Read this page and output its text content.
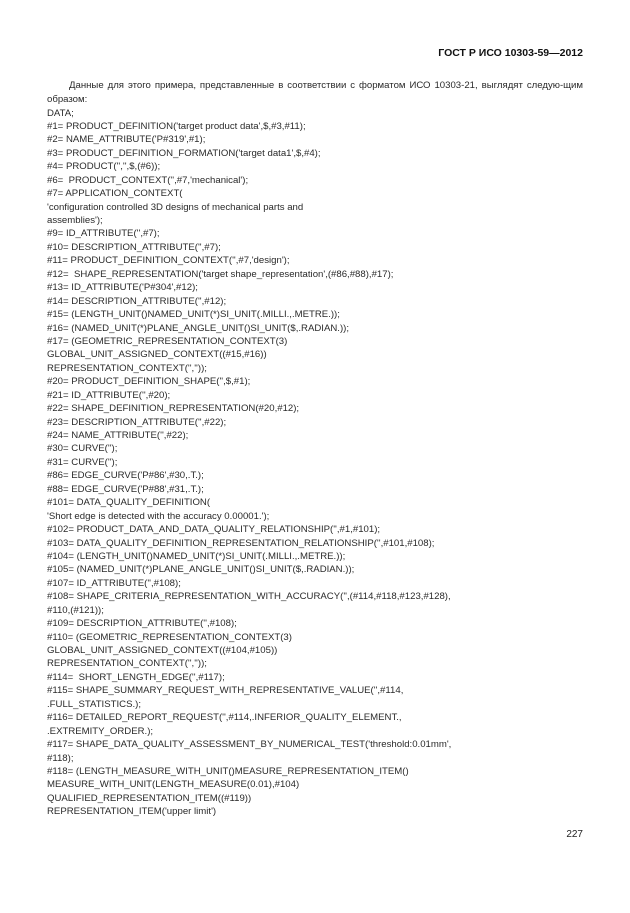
ГОСТ Р ИСО 10303-59—2012
Данные для этого примера, представленные в соответствии с форматом ИСО 10303-21, выглядят следую-щим образом:
DATA;
#1= PRODUCT_DEFINITION('target product data',$,#3,#11);
#2= NAME_ATTRIBUTE('P#319',#1);
#3= PRODUCT_DEFINITION_FORMATION('target data1',$,#4);
#4= PRODUCT('','',$,(#6));
#6=  PRODUCT_CONTEXT('',#7,'mechanical');
#7= APPLICATION_CONTEXT(
'configuration controlled 3D designs of mechanical parts and
assemblies');
#9= ID_ATTRIBUTE('',#7);
#10= DESCRIPTION_ATTRIBUTE('',#7);
#11= PRODUCT_DEFINITION_CONTEXT('',#7,'design');
#12=  SHAPE_REPRESENTATION('target shape_representation',(#86,#88),#17);
#13= ID_ATTRIBUTE('P#304',#12);
#14= DESCRIPTION_ATTRIBUTE('',#12);
#15= (LENGTH_UNIT()NAMED_UNIT(*)SI_UNIT(.MILLI.,.METRE.));
#16= (NAMED_UNIT(*)PLANE_ANGLE_UNIT()SI_UNIT($,.RADIAN.));
#17= (GEOMETRIC_REPRESENTATION_CONTEXT(3)
GLOBAL_UNIT_ASSIGNED_CONTEXT((#15,#16))
REPRESENTATION_CONTEXT('',''));
#20= PRODUCT_DEFINITION_SHAPE('',$,#1);
#21= ID_ATTRIBUTE('',#20);
#22= SHAPE_DEFINITION_REPRESENTATION(#20,#12);
#23= DESCRIPTION_ATTRIBUTE('',#22);
#24= NAME_ATTRIBUTE('',#22);
#30= CURVE('');
#31= CURVE('');
#86= EDGE_CURVE('P#86',#30,.T.);
#88= EDGE_CURVE('P#88',#31,.T.);
#101= DATA_QUALITY_DEFINITION(
'Short edge is detected with the accuracy 0.00001.');
#102= PRODUCT_DATA_AND_DATA_QUALITY_RELATIONSHIP('',#1,#101);
#103= DATA_QUALITY_DEFINITION_REPRESENTATION_RELATIONSHIP('',#101,#108);
#104= (LENGTH_UNIT()NAMED_UNIT(*)SI_UNIT(.MILLI.,.METRE.));
#105= (NAMED_UNIT(*)PLANE_ANGLE_UNIT()SI_UNIT($,.RADIAN.));
#107= ID_ATTRIBUTE('',#108);
#108= SHAPE_CRITERIA_REPRESENTATION_WITH_ACCURACY('',(#114,#118,#123,#128),
#110,(#121));
#109= DESCRIPTION_ATTRIBUTE('',#108);
#110= (GEOMETRIC_REPRESENTATION_CONTEXT(3)
GLOBAL_UNIT_ASSIGNED_CONTEXT((#104,#105))
REPRESENTATION_CONTEXT('',''));
#114=  SHORT_LENGTH_EDGE('',#117);
#115= SHAPE_SUMMARY_REQUEST_WITH_REPRESENTATIVE_VALUE('',#114,
.FULL_STATISTICS.);
#116= DETAILED_REPORT_REQUEST('',#114,.INFERIOR_QUALITY_ELEMENT.,
.EXTREMITY_ORDER.);
#117= SHAPE_DATA_QUALITY_ASSESSMENT_BY_NUMERICAL_TEST('threshold:0.01mm',
#118);
#118= (LENGTH_MEASURE_WITH_UNIT()MEASURE_REPRESENTATION_ITEM()
MEASURE_WITH_UNIT(LENGTH_MEASURE(0.01),#104)
QUALIFIED_REPRESENTATION_ITEM((#119))
REPRESENTATION_ITEM('upper limit')
227
